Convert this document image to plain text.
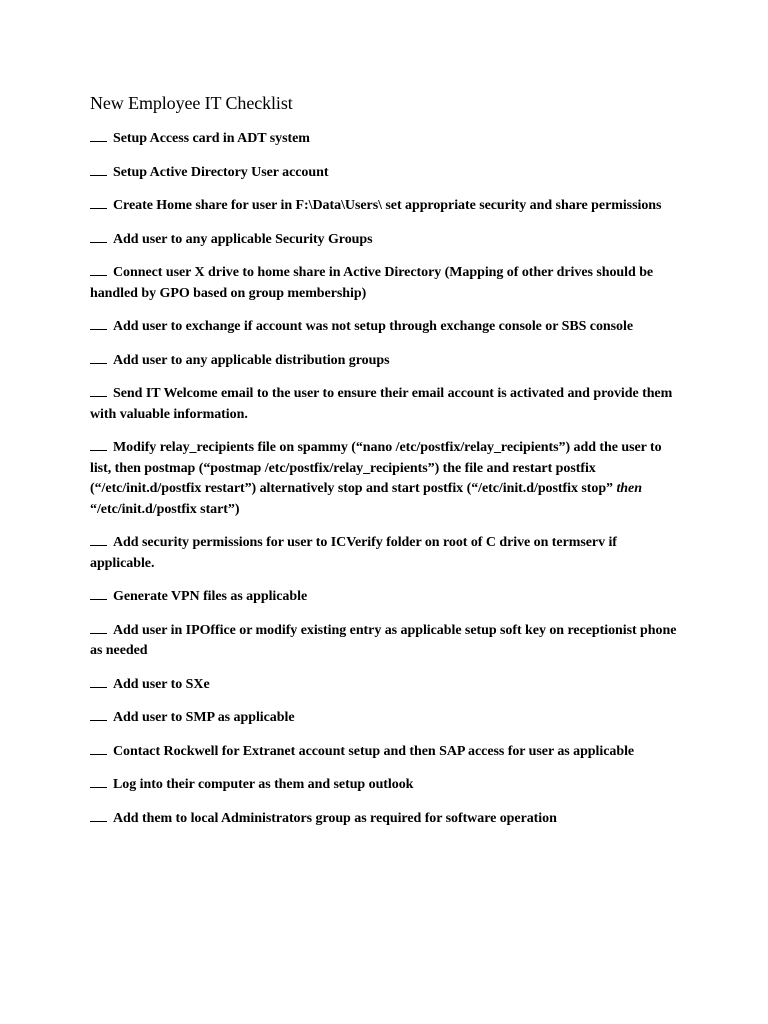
New Employee IT Checklist
Setup Access card in ADT system
Setup Active Directory User account
Create Home share for user in F:\Data\Users\ set appropriate security and share permissions
Add user to any applicable Security Groups
Connect user X drive to home share in Active Directory (Mapping of other drives should be handled by GPO based on group membership)
Add user to exchange if account was not setup through exchange console or SBS console
Add user to any applicable distribution groups
Send IT Welcome email to the user to ensure their email account is activated and provide them with valuable information.
Modify relay_recipients file on spammy (“nano /etc/postfix/relay_recipients”) add the user to list, then postmap (“postmap /etc/postfix/relay_recipients”) the file and restart postfix (“/etc/init.d/postfix restart”) alternatively stop and start postfix (“/etc/init.d/postfix stop” then “/etc/init.d/postfix start”)
Add security permissions for user to ICVerify folder on root of C drive on termserv if applicable.
Generate VPN files as applicable
Add user in IPOffice or modify existing entry as applicable setup soft key on receptionist phone as needed
Add user to SXe
Add user to SMP as applicable
Contact Rockwell for Extranet account setup and then SAP access for user as applicable
Log into their computer as them and setup outlook
Add them to local Administrators group as required for software operation
